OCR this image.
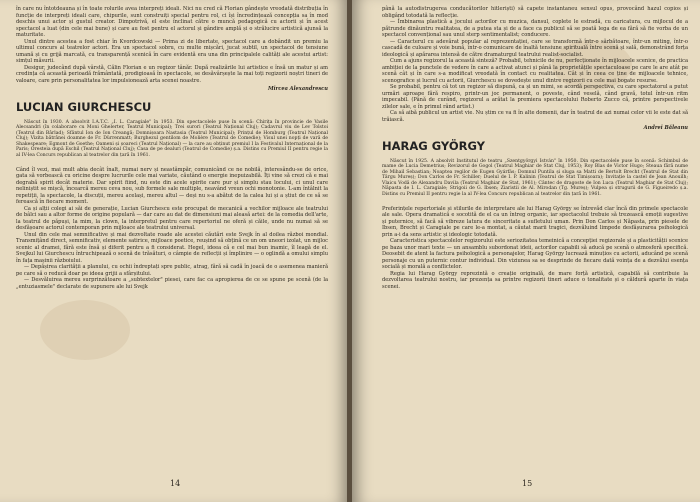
în care nu întotdeauna și în toate rolurile avea interpreți ideali. Nici nu cred că Florian gândește vreodată distribuția în funcție de interpreți ideali care, chipurile, sunt construiți special pentru rol, ci își încredințează concepția sa în mod deschis unui actor și gustul creator. Dimpotrivă, el este înclinat către o muncă pedagogică cu actorii și în acest spectacol a luat (din cele mai bune) și care au fost pentru el actorul și gândire amplă și o strălucire artistică ajunsă la maturitate.

Unul dintre acestea a fost chiar în Kvordcowski — Prima zi de libertate, spectacol care a dobândit un premiu la ultimul concurs al teatrelor actori. Era un spectacol sobru, cu multe mișcări, jucat subtil, un spectacol de tensiune umană și cu grijă marcată, cu transparență scenică în care evidentă era una din principalele calități ale acestui artist: simțul măsurii.

Desigur, judecând după vârstă, Călin Florian e un regizor tânăr. După realizările lui artistice e însă un matur și am credința că această perioadă frământată, prodigioasă în spectacole, se desăvârșește la mai toți regizorii noștri tineri de valoare, care prin personalitatea lor impulsionează arta scenei noastre.

Mircea Alexandrescu

LUCIAN GIURCHESCU

Născut în 1930. A absolvit I.A.T.C. „I. L. Caragiale" în 1953. Din spectacolele puse în scenă: Chirița în provincie de Vasile Alecsandri (în colaborare cu Moni Ghelerter, Teatrul Municipal); Trei surori (Teatrul Național Cluj); Cadavrul viu de Lev Tolstoi (Teatrul din Bârlad); Sfântul Ion de Ion Creangă; Domnișoara Nastasia (Teatrul Municipal); Prințul de Homburg (Teatrul Național Cluj); Vizita bătrânei doamne de Fr. Dürrenmatt; Burghezul gentilom de Molière (Teatrul de Comedie); Visul unei nopți de vară de Shakespeare; Egmont de Goethe; Oameni și șoareci (Teatrul Național) — la care au obținut premiul I la Festivalul Internațional de la Paris; Oresteia după Eschil (Teatrul Național Cluj); Casa de pe dealuri (Teatrul de Comedie) ș.a. Distins cu Premiul II pentru regie la al IV-lea Concurs republican al teatrelor din țară în 1961.

Când îl vezi, mai mult abia decât înalt, numai nerv și neastâmpăr, comunicând ce ne nobilă, interesându-se de orice, gata să vorbească cu oricine despre lucrurile cele mai variate, căutând o energie inepuizabilă. Îți vine să crezi că e mai degrabă spirit decât materie. Dar spirit fiind, nu este din acele spirite care pur și simplu stau locului, ci unul care neliniștit se mișcă, încearcă mereu ceva nou, sub formele sale multiple, neavând vreun ochi monotonie. L-am întâlnit la repetiții, la spectacole, la discuții, mereu același, mereu altul — deși nu s-a abătut de la calea lui și a știut de ce să se ferească în fiecare moment.

Ca și alții colegi ai săi de generație, Lucian Giurchescu este procupat de mecanică a vechilor mijloace ale teatrului de bâlci sau a altor forme de origine populară — dar care au dat de dimensiuni mai aleasă artei: de la comedia dell'arte, la teatrul de păpuși, la mim, la clown, la interpretul pentru care repertoriul ne oferă și căile, unde nu numai să se desfășoare actorul contemporan prin mijloace ale teatrului universal.

Unul din cele mai semnificative și mai dezvoltate roade ale acestei căutări este Svejk în al doilea război mondial. Transmițând direct, semnificativ, elemente satirice, mijloace poetice, reușind să obțină ce un om uneori izolat, un mijloc scenic al dramei, fără este însă și diferit pentru a fi considerat. Hegel, ideea că e cel mai bun inamic, îl leagă de el. Svejkul lui Giurchescu întruchipează o scenă de trăsături, o câmpie de reflecții și împlinire — o oglindă a omului simplu în fața mașinii războiului.

— Depășirea clarității a planului, cu ochii îndreptați spre public, atrag, fără să cadă în joacă de o asemenea manieră pe care să o reducă doar pe ideea grijii a sfârșitului.

— Desvăluirea mereu surprinzătoare a „subtextelor" piesei, care fac ca apropierea de ce se spune pe scenă (de la „entuziasmele" declarate de supunere ale lui Svejk

14

până la autodistrugerea conducătorilor hitleriști) să capete instantaneu sensul opus, provocând hazul copios și obligând totodată la reflecție.

— Îmbinarea plastică a jocului actorilor cu muzica, dansul, coplete le estradă, cu caricatura, cu mijlocul de a pătrunde dinăuntru realitatea, de a putea sta și de a face ca publicul să se poată lega de ea fără să fie vorba de un spectacol convențional sau unul sterp sentimentalist; conducere.

— Caracterul cu adevărat popular al reprezentației, care se transformă într-o sărbătoare, într-un miting, într-o cascadă de culoare și voie bună, într-o comunicare de înaltă tensiune spirituală între scenă și sală, demonstrând forța ideologică și apărarea intensă de către dramaturgul teatrului realist-socialist.

Cum a ajuns regizorul la această sinteză? Probabil, tehnicile de nu, perfecționate în mijloacele scenice, de practica ambiției de la punctele de vedere în care a activat atunci și până la proprietățile spectaculoase pe care le are atât pe scenă cât și în care s-a modificat vreodată în contact cu realitatea. Cât și în ceea ce ține de mijloacele tehnice, scenografice și lucrul cu actorii, Giurchescu se dovedește unul dintre regizorii cu cele mai bogate resurse.

Se probabil, pentru că tot un regizor să dispună, ca și un mimi, se acordă perspectiva, cu care spectatorul a putut urmări aproape fără respiro, printr-un joc permanent, o poveste, când veselă, când gravă, totul într-un ritm impecabil. (Până de curând, regizorul a arătat la premiera spectacolului Roberto Zucco că, printre perspectivele zilelor sale, e în primul rând artist.)

Ca să aibă publicul un artist vie. Nu știm ce va fi în alte domenii, dar în teatrul de azi numai celor vii le este dat să trăiască.

Andrei Băleanu

HARAG GYÖRGY

Născut în 1925. A absolvit Institutul de teatru „Szentgyörgyi István" în 1950. Din spectacolele puse în scenă: Schimbul de mame de Lucia Demetrius; Revizorul de Gogol (Teatrul Maghiar de Stat Cluj, 1953); Roy Blas de Victor Hugo; Steaua fără nume de Mihail Sebastian; Noaptea regilor de Eugen Gyárfás; Domnul Puntila și sluga sa Matti de Bertolt Brecht (Teatrul de Stat din Târgu Mureș); Don Carlos de Fr. Schiller; Duelul de I. P. Kalinin (Teatrul de Stat Timișoara); Invitație la castel de Jean Anouilh; Vlaicu Vodă de Alexandru Davila (Teatrul Maghiar de Stat, 1961); Cântec de dragoste de Ion Luca (Teatrul Maghiar de Stat Cluj); Năpasta de I. L. Caragiale; Strigoii de G. Ibsen; Ziaristii de Al. Mirodan (Tg. Mureș); Vulpea și strugurii de G. Figueiredo ș.a. Distins cu Premiul II pentru regie la al IV-lea Concurs republican al teatrelor din țară în 1961.

Preferințele repertoriale și stilurile de interpretare ale lui Harag György se întrevăd clar încă din primele spectacole ale sale. Opera dramatică e socotită de el ca un întreg organic, iar spectacolul trebuie să trezească emoții sugestive și puternice, să facă să vibreze latura de sinceritate a sufletului uman. Prin Don Carlos și Năpasta, prin piesele de Ibsen, Brecht și Caragiale pe care le-a montat, a căutat marii tragici, dezvăluind limpede desfășurarea psihologică prin a-i da sens artistic și ideologic totodată.

Caracteristica spectacolelor regizorului este seriozitatea temeinică a concepției regizorale și a plasticității scenice pe baza unor mari texte — un ansamblu subordonat ideii, actorilor capabili să aducă pe scenă o atmosferă specifică. Deosebit de atent la factura psihologică a personajelor, Harag György lucrează minuțios cu actorii, aducând pe scenă personaje cu un puternic contur individual. Din viziunea sa se desprinde de fiecare dată voința de a dezvălui esența socială și morală a conflictelor.

Regia lui Harag György reprezintă o creație originală, de mare forță artistică, capabilă să contribuie la dezvoltarea teatrului nostru, iar prezența sa printre regizorii tineri aduce o tonalitate și o căldură aparte în viața scenei.

15
